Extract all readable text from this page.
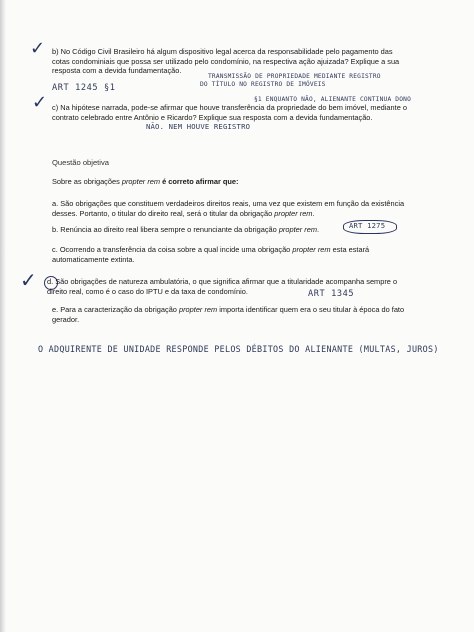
✓ b) No Código Civil Brasileiro há algum dispositivo legal acerca da responsabilidade pelo pagamento das cotas condominiais que possa ser utilizado pelo condomínio, na respectiva ação ajuizada? Explique a sua resposta com a devida fundamentação.

TRANSMISSÃO DE PROPRIEDADE MEDIANTE REGISTRO
DO TÍTULO NO REGISTRO DE IMÓVEIS
ART 1245 §1
§1 ENQUANTO NÃO, ALIENANTE CONTINUA DONO
✓ c) Na hipótese narrada, pode-se afirmar que houve transferência da propriedade do bem imóvel, mediante o contrato celebrado entre Antônio e Ricardo? Explique sua resposta com a devida fundamentação.

NÃO. NEM HOUVE REGISTRO
Questão objetiva

Sobre as obrigações propter rem é correto afirmar que:

a. São obrigações que constituem verdadeiros direitos reais, uma vez que existem em função da existência desses. Portanto, o titular do direito real, será o titular da obrigação propter rem.

b. Renúncia ao direito real libera sempre o renunciante da obrigação propter rem.	ART 1275

c. Ocorrendo a transferência da coisa sobre a qual incide uma obrigação propter rem esta estará automaticamente extinta.

✓ d. São obrigações de natureza ambulatória, o que significa afirmar que a titularidade acompanha sempre o direito real, como é o caso do IPTU e da taxa de condomínio.	ART 1345

e. Para a caracterização da obrigação propter rem importa identificar quem era o seu titular à época do fato gerador.

O ADQUIRENTE DE UNIDADE RESPONDE PELOS DÉBITOS DO ALIENANTE (MULTAS, JUROS)
